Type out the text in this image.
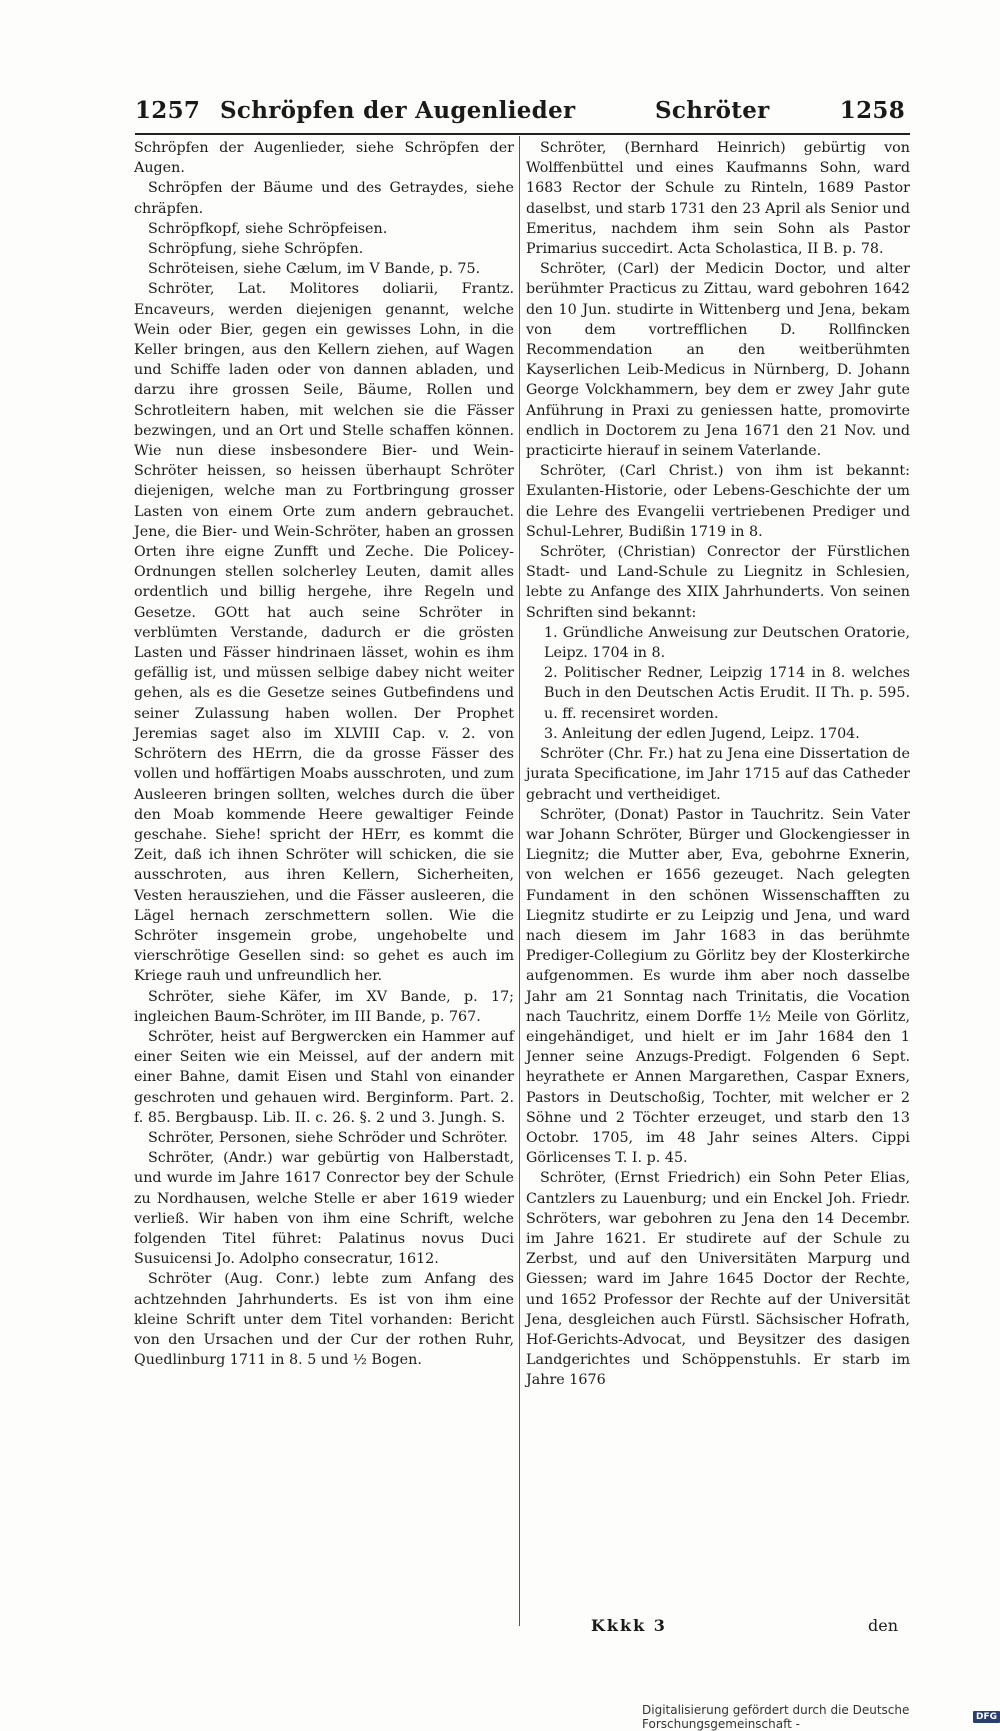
1257 Schröpfen der Augenlieder	Schröter	1258

Schröpfen der Augenlieder, siehe Schröpfen der Augen.

Schröpfen der Bäume und des Getraydes, siehe chräpfen.

Schröpfkopf, siehe Schröpfeisen.

Schröpfung, siehe Schröpfen.

Schröteisen, siehe Cælum, im V Bande, p. 75.

Schröter, Lat. Molitores doliarii, Frantz. Encaveurs, werden diejenigen genannt, welche Wein oder Bier, gegen ein gewisses Lohn, in die Keller bringen, aus den Kellern ziehen, auf Wagen und Schiffe laden oder von dannen abladen, und darzu ihre grossen Seile, Bäume, Rollen und Schrotleitern haben, mit welchen sie die Fässer bezwingen, und an Ort und Stelle schaffen können. Wie nun diese insbesondere Bier- und Wein-Schröter heissen, so heissen überhaupt Schröter diejenigen, welche man zu Fortbringung grosser Lasten von einem Orte zum andern gebrauchet. Jene, die Bier- und Wein-Schröter, haben an grossen Orten ihre eigne Zunfft und Zeche. Die Policey-Ordnungen stellen solcherley Leuten, damit alles ordentlich und billig hergehe, ihre Regeln und Gesetze. GOtt hat auch seine Schröter in verblümten Verstande, dadurch er die grösten Lasten und Fässer hindrinaen lässet, wohin es ihm gefällig ist, und müssen selbige dabey nicht weiter gehen, als es die Gesetze seines Gutbefindens und seiner Zulassung haben wollen. Der Prophet Jeremias saget also im XLVIII Cap. v. 2. von Schrötern des HErrn, die da grosse Fässer des vollen und hoffärtigen Moabs ausschroten, und zum Ausleeren bringen sollten, welches durch die über den Moab kommende Heere gewaltiger Feinde geschahe. Siehe! spricht der HErr, es kommt die Zeit, daß ich ihnen Schröter will schicken, die sie ausschroten, aus ihren Kellern, Sicherheiten, Vesten herausziehen, und die Fässer ausleeren, die Lägel hernach zerschmettern sollen. Wie die Schröter insgemein grobe, ungehobelte und vierschrötige Gesellen sind: so gehet es auch im Kriege rauh und unfreundlich her.

Schröter, siehe Käfer, im XV Bande, p. 17; ingleichen Baum-Schröter, im III Bande, p. 767.

Schröter, heist auf Bergwercken ein Hammer auf einer Seiten wie ein Meissel, auf der andern mit einer Bahne, damit Eisen und Stahl von einander geschroten und gehauen wird. Berginform. Part. 2. f. 85. Bergbausp. Lib. II. c. 26. §. 2 und 3. Jungh. S.

Schröter, Personen, siehe Schröder und Schröter.

Schröter, (Andr.) war gebürtig von Halberstadt, und wurde im Jahre 1617 Conrector bey der Schule zu Nordhausen, welche Stelle er aber 1619 wieder verließ. Wir haben von ihm eine Schrift, welche folgenden Titel führet: Palatinus novus Duci Susuicensi Jo. Adolpho consecratur, 1612.

Schröter (Aug. Conr.) lebte zum Anfang des achtzehnden Jahrhunderts. Es ist von ihm eine kleine Schrift unter dem Titel vorhanden: Bericht von den Ursachen und der Cur der rothen Ruhr, Quedlinburg 1711 in 8. 5 und ½ Bogen.

Schröter, (Bernhard Heinrich) gebürtig von Wolffenbüttel und eines Kaufmanns Sohn, ward 1683 Rector der Schule zu Rinteln, 1689 Pastor daselbst, und starb 1731 den 23 April als Senior und Emeritus, nachdem ihm sein Sohn als Pastor Primarius succedirt. Acta Scholastica, II B. p. 78.

Schröter, (Carl) der Medicin Doctor, und alter berühmter Practicus zu Zittau, ward gebohren 1642 den 10 Jun. studirte in Wittenberg und Jena, bekam von dem vortrefflichen D. Rollfincken Recommendation an den weitberühmten Kayserlichen Leib-Medicus in Nürnberg, D. Johann George Volckhammern, bey dem er zwey Jahr gute Anführung in Praxi zu geniessen hatte, promovirte endlich in Doctorem zu Jena 1671 den 21 Nov. und practicirte hierauf in seinem Vaterlande.

Schröter, (Carl Christ.) von ihm ist bekannt: Exulanten-Historie, oder Lebens-Geschichte der um die Lehre des Evangelii vertriebenen Prediger und Schul-Lehrer, Budißin 1719 in 8.

Schröter, (Christian) Conrector der Fürstlichen Stadt- und Land-Schule zu Liegnitz in Schlesien, lebte zu Anfange des XIIX Jahrhunderts. Von seinen Schriften sind bekannt:

1. Gründliche Anweisung zur Deutschen Oratorie, Leipz. 1704 in 8.

2. Politischer Redner, Leipzig 1714 in 8. welches Buch in den Deutschen Actis Erudit. II Th. p. 595. u. ff. recensiret worden.

3. Anleitung der edlen Jugend, Leipz. 1704.

Schröter (Chr. Fr.) hat zu Jena eine Dissertation de jurata Specificatione, im Jahr 1715 auf das Catheder gebracht und vertheidiget.

Schröter, (Donat) Pastor in Tauchritz. Sein Vater war Johann Schröter, Bürger und Glockengiesser in Liegnitz; die Mutter aber, Eva, gebohrne Exnerin, von welchen er 1656 gezeuget. Nach gelegten Fundament in den schönen Wissenschafften zu Liegnitz studirte er zu Leipzig und Jena, und ward nach diesem im Jahr 1683 in das berühmte Prediger-Collegium zu Görlitz bey der Klosterkirche aufgenommen. Es wurde ihm aber noch dasselbe Jahr am 21 Sonntag nach Trinitatis, die Vocation nach Tauchritz, einem Dorffe 1½ Meile von Görlitz, eingehändiget, und hielt er im Jahr 1684 den 1 Jenner seine Anzugs-Predigt. Folgenden 6 Sept. heyrathete er Annen Margarethen, Caspar Exners, Pastors in Deutschoßig, Tochter, mit welcher er 2 Söhne und 2 Töchter erzeuget, und starb den 13 Octobr. 1705, im 48 Jahr seines Alters. Cippi Görlicenses T. I. p. 45.

Schröter, (Ernst Friedrich) ein Sohn Peter Elias, Cantzlers zu Lauenburg; und ein Enckel Joh. Friedr. Schröters, war gebohren zu Jena den 14 Decembr. im Jahre 1621. Er studirete auf der Schule zu Zerbst, und auf den Universitäten Marpurg und Giessen; ward im Jahre 1645 Doctor der Rechte, und 1652 Professor der Rechte auf der Universität Jena, desgleichen auch Fürstl. Sächsischer Hofrath, Hof-Gerichts-Advocat, und Beysitzer des dasigen Landgerichtes und Schöppenstuhls. Er starb im Jahre 1676

Kkkk 3	den
Digitalisierung gefördert durch die Deutsche Forschungsgemeinschaft -	DFG
